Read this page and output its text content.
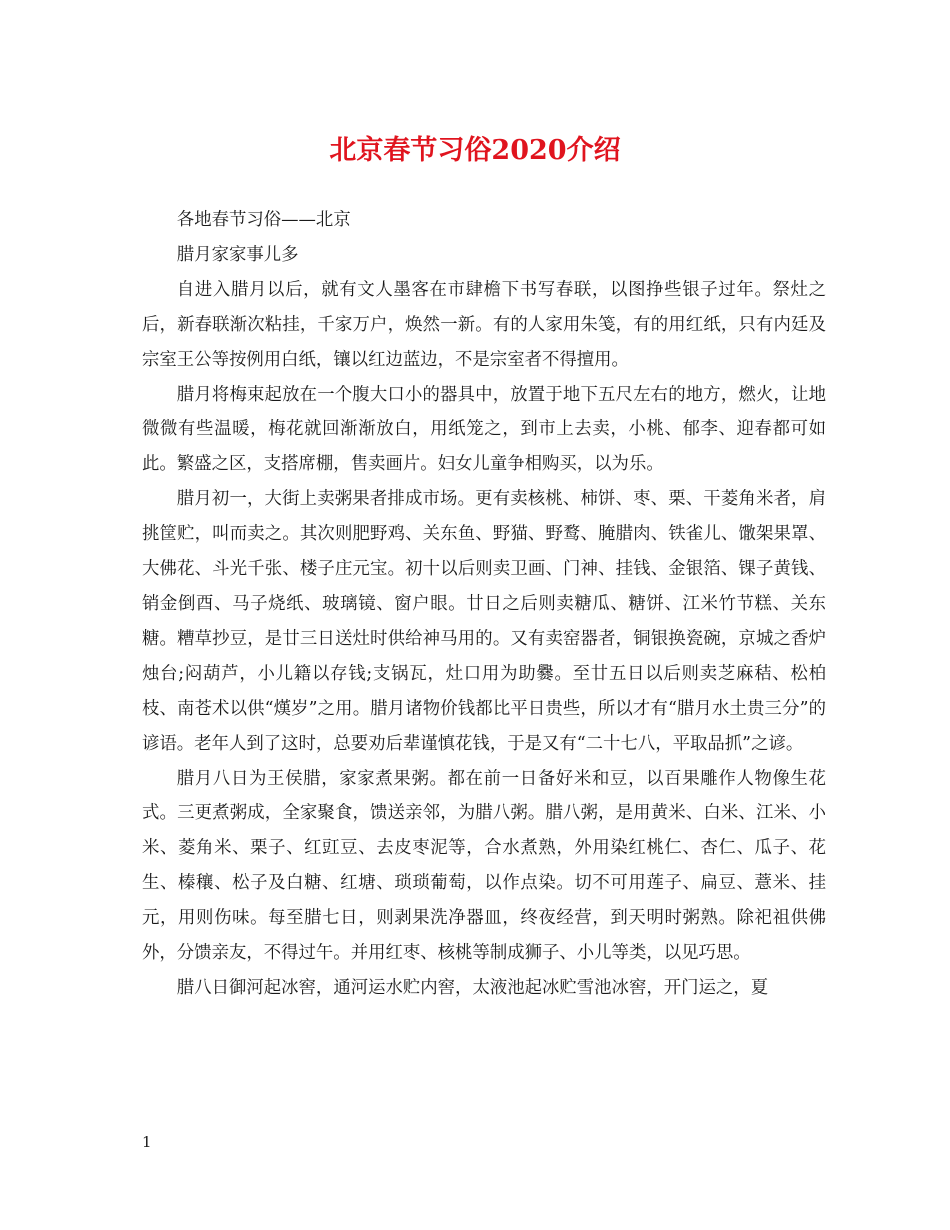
北京春节习俗2020介绍

各地春节习俗——北京

腊月家家事儿多

自进入腊月以后，就有文人墨客在市肆檐下书写春联，以图挣些银子过年。祭灶之后，新春联渐次粘挂，千家万户，焕然一新。有的人家用朱笺，有的用红纸，只有内廷及宗室王公等按例用白纸，镶以红边蓝边，不是宗室者不得擅用。

腊月将梅束起放在一个腹大口小的器具中，放置于地下五尺左右的地方，燃火，让地微微有些温暖，梅花就回渐渐放白，用纸笼之，到市上去卖，小桃、郁李、迎春都可如此。繁盛之区，支搭席棚，售卖画片。妇女儿童争相购买，以为乐。

腊月初一，大街上卖粥果者排成市场。更有卖核桃、柿饼、枣、栗、干菱角米者，肩挑筐贮，叫而卖之。其次则肥野鸡、关东鱼、野猫、野鹜、腌腊肉、铁雀儿、馓架果罩、大佛花、斗光千张、楼子庄元宝。初十以后则卖卫画、门神、挂钱、金银箔、锞子黄钱、销金倒酉、马子烧纸、玻璃镜、窗户眼。廿日之后则卖糖瓜、糖饼、江米竹节糕、关东糖。糟草抄豆，是廿三日送灶时供给神马用的。又有卖窑器者，铜银换瓷碗，京城之香炉烛台;闷葫芦，小儿籍以存钱;支锅瓦，灶口用为助爨。至廿五日以后则卖芝麻秸、松柏枝、南苍术以供“熯岁”之用。腊月诸物价钱都比平日贵些，所以才有“腊月水土贵三分”的谚语。老年人到了这时，总要劝后辈谨慎花钱，于是又有“二十七八，平取品抓”之谚。

腊月八日为王侯腊，家家煮果粥。都在前一日备好米和豆，以百果雕作人物像生花式。三更煮粥成，全家聚食，馈送亲邻，为腊八粥。腊八粥，是用黄米、白米、江米、小米、菱角米、栗子、红豇豆、去皮枣泥等，合水煮熟，外用染红桃仁、杏仁、瓜子、花生、榛穰、松子及白糖、红塘、琐琐葡萄，以作点染。切不可用莲子、扁豆、薏米、挂元，用则伤味。每至腊七日，则剥果洗净器皿，终夜经营，到天明时粥熟。除祀祖供佛外，分馈亲友，不得过午。并用红枣、核桃等制成狮子、小儿等类，以见巧思。

腊八日御河起冰窖，通河运水贮内窖，太液池起冰贮雪池冰窖，开门运之，夏

1
